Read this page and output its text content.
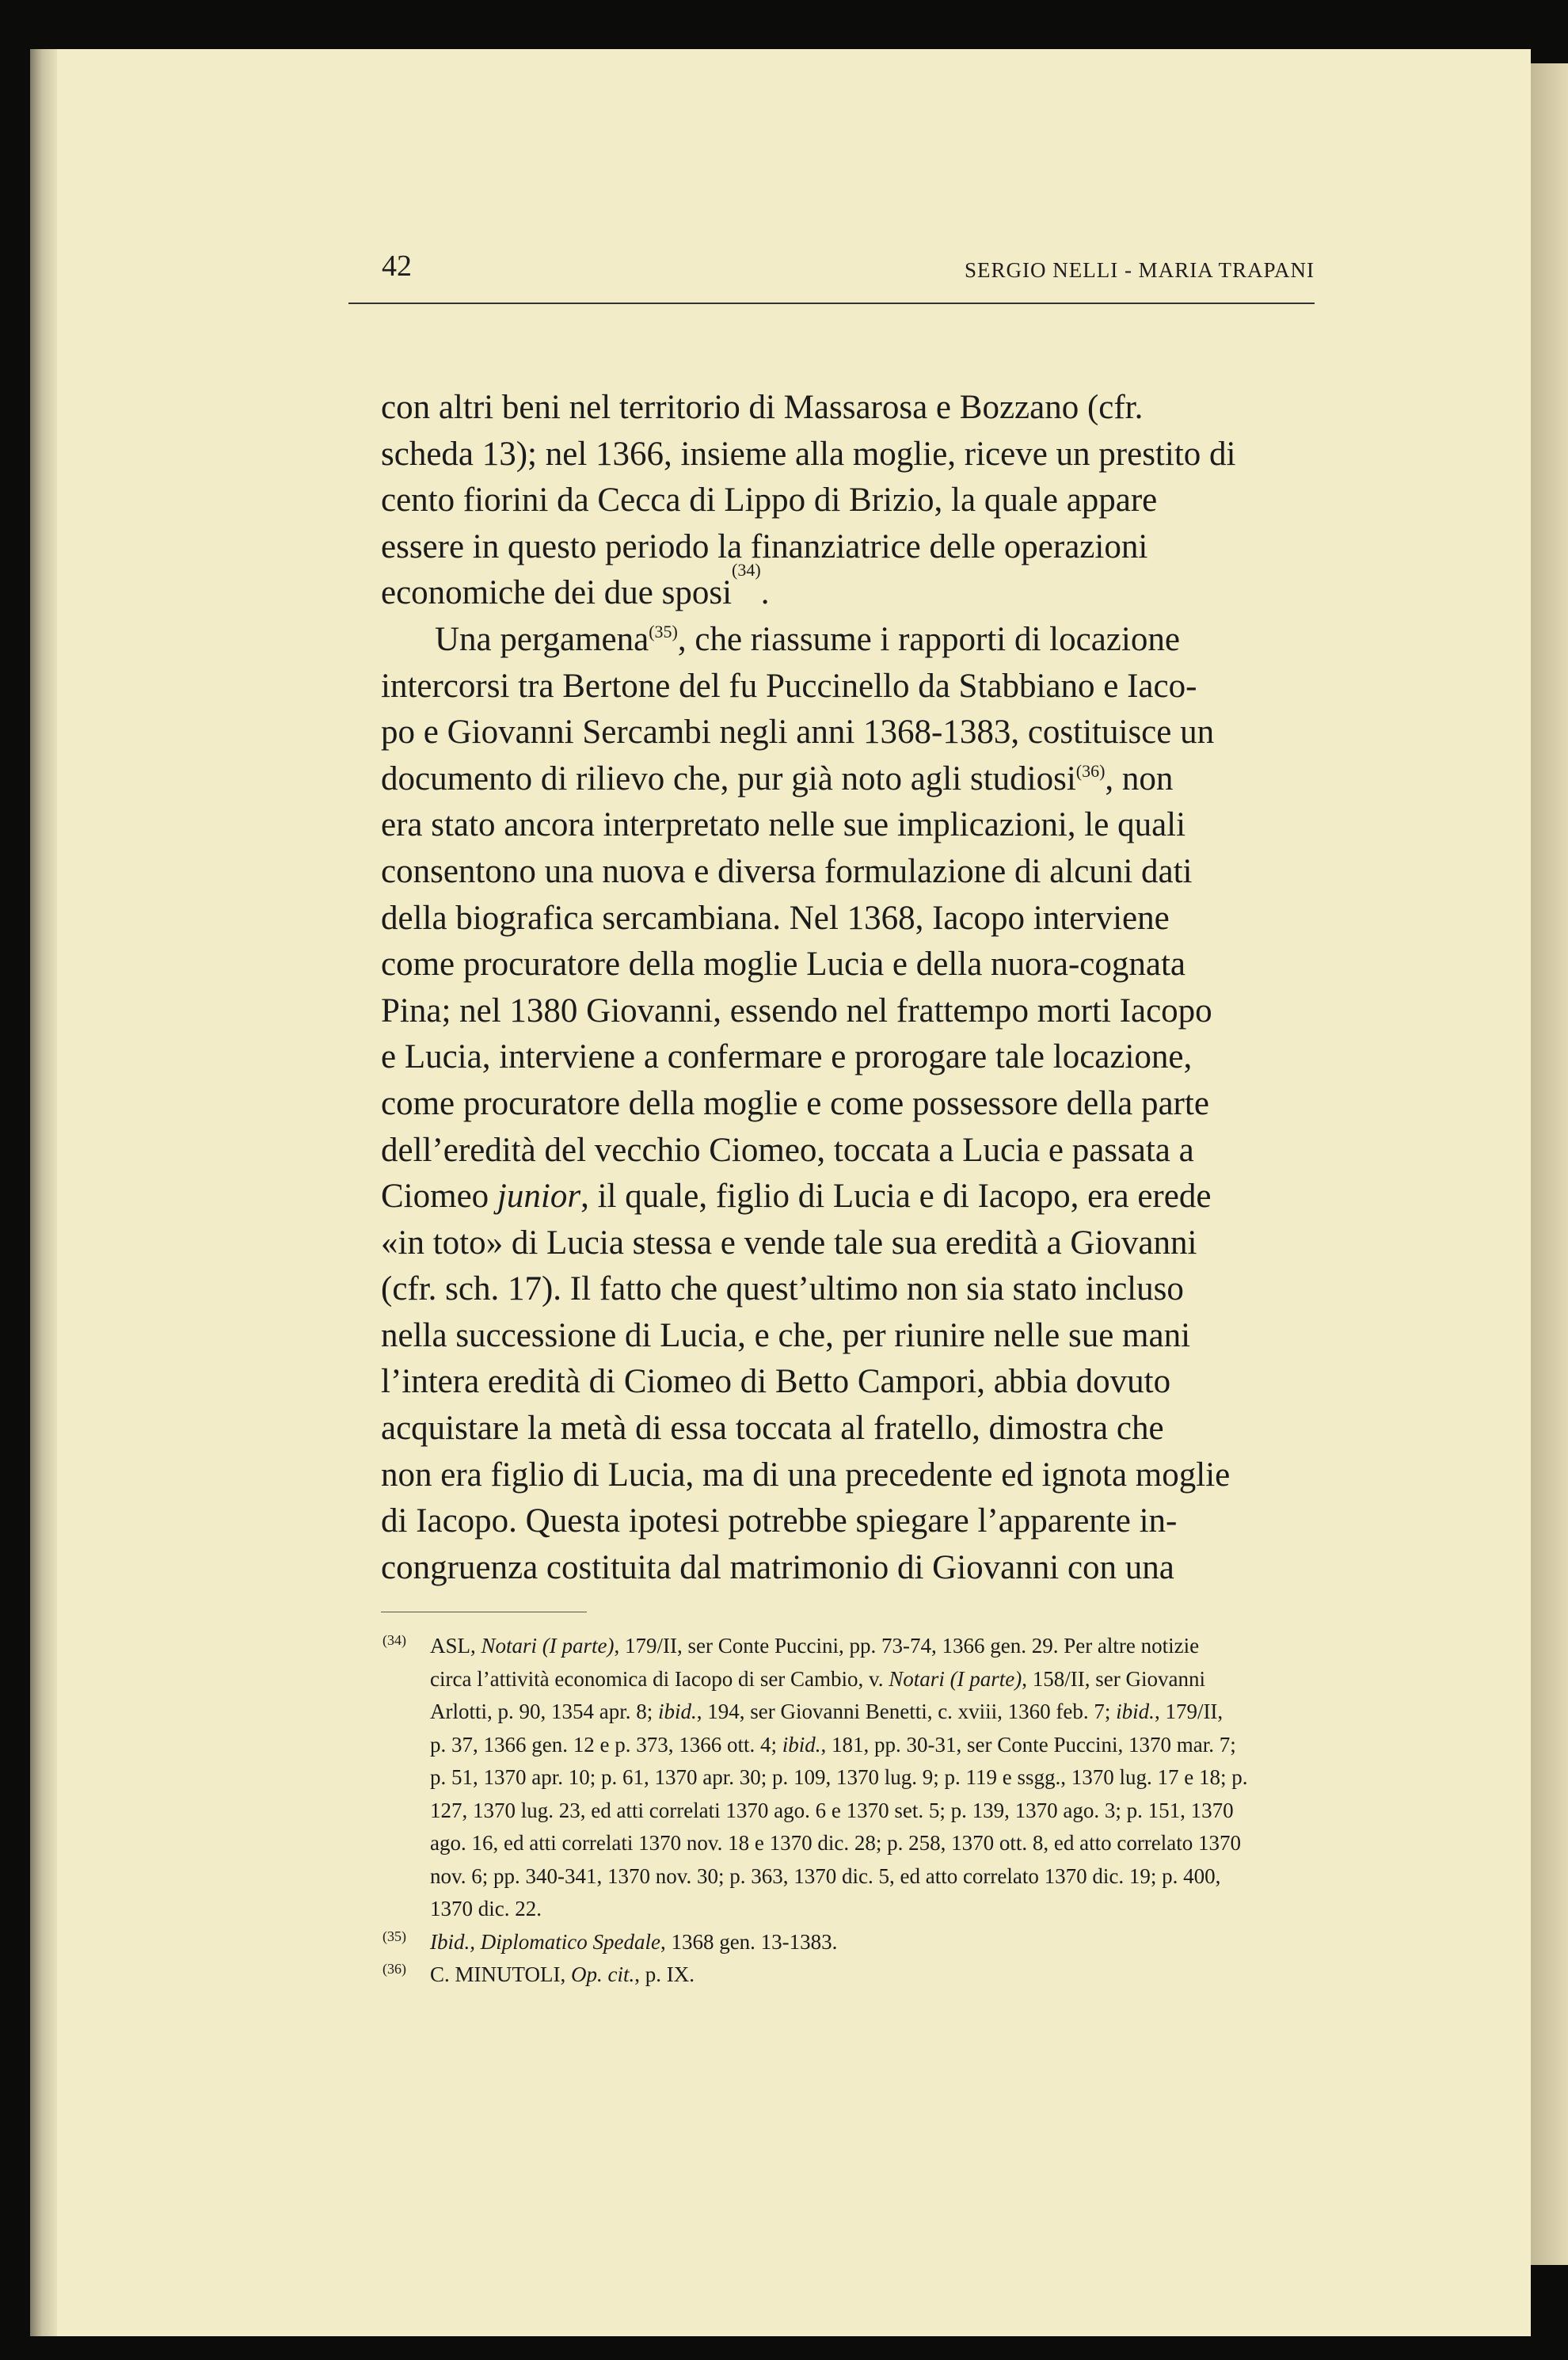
42	SERGIO NELLI - MARIA TRAPANI
con altri beni nel territorio di Massarosa e Bozzano (cfr.
scheda 13); nel 1366, insieme alla moglie, riceve un prestito di
cento fiorini da Cecca di Lippo di Brizio, la quale appare
essere in questo periodo la finanziatrice delle operazioni
economiche dei due sposi
(34)
.
Una pergamena$^{(35)}$, che riassume i rapporti di locazione
intercorsi tra Bertone del fu Puccinello da Stabbiano e Iaco-
po e Giovanni Sercambi negli anni 1368-1383, costituisce un
documento di rilievo che, pur già noto agli studiosi$^{(36)}$, non
era stato ancora interpretato nelle sue implicazioni, le quali
consentono una nuova e diversa formulazione di alcuni dati
della biografica sercambiana. Nel 1368, Iacopo interviene
come procuratore della moglie Lucia e della nuora-cognata
Pina; nel 1380 Giovanni, essendo nel frattempo morti Iacopo
e Lucia, interviene a confermare e prorogare tale locazione,
come procuratore della moglie e come possessore della parte
dell’eredità del vecchio Ciomeo, toccata a Lucia e passata a
Ciomeo junior, il quale, figlio di Lucia e di Iacopo, era erede
«in toto» di Lucia stessa e vende tale sua eredità a Giovanni
(cfr. sch. 17). Il fatto che quest’ultimo non sia stato incluso
nella successione di Lucia, e che, per riunire nelle sue mani
l’intera eredità di Ciomeo di Betto Campori, abbia dovuto
acquistare la metà di essa toccata al fratello, dimostra che
non era figlio di Lucia, ma di una precedente ed ignota moglie
di Iacopo. Questa ipotesi potrebbe spiegare l’apparente in-
congruenza costituita dal matrimonio di Giovanni con una
$^{(34)}$	ASL, Notari (I parte), 179/II, ser Conte Puccini, pp. 73-74, 1366 gen. 29. Per altre notizie
circa l’attività economica di Iacopo di ser Cambio, v. Notari (I parte), 158/II, ser Giovanni
Arlotti, p. 90, 1354 apr. 8; ibid., 194, ser Giovanni Benetti, c. xviii, 1360 feb. 7; ibid., 179/II,
p. 37, 1366 gen. 12 e p. 373, 1366 ott. 4; ibid., 181, pp. 30-31, ser Conte Puccini, 1370 mar. 7;
p. 51, 1370 apr. 10; p. 61, 1370 apr. 30; p. 109, 1370 lug. 9; p. 119 e ssgg., 1370 lug. 17 e 18; p.
127, 1370 lug. 23, ed atti correlati 1370 ago. 6 e 1370 set. 5; p. 139, 1370 ago. 3; p. 151, 1370
ago. 16, ed atti correlati 1370 nov. 18 e 1370 dic. 28; p. 258, 1370 ott. 8, ed atto correlato 1370
nov. 6; pp. 340-341, 1370 nov. 30; p. 363, 1370 dic. 5, ed atto correlato 1370 dic. 19; p. 400,
1370 dic. 22.
$^{(35)}$	Ibid., Diplomatico Spedale , 1368 gen. 13-1383.
$^{(36)}$	C. MINUTOLI, Op. cit. , p. IX.
